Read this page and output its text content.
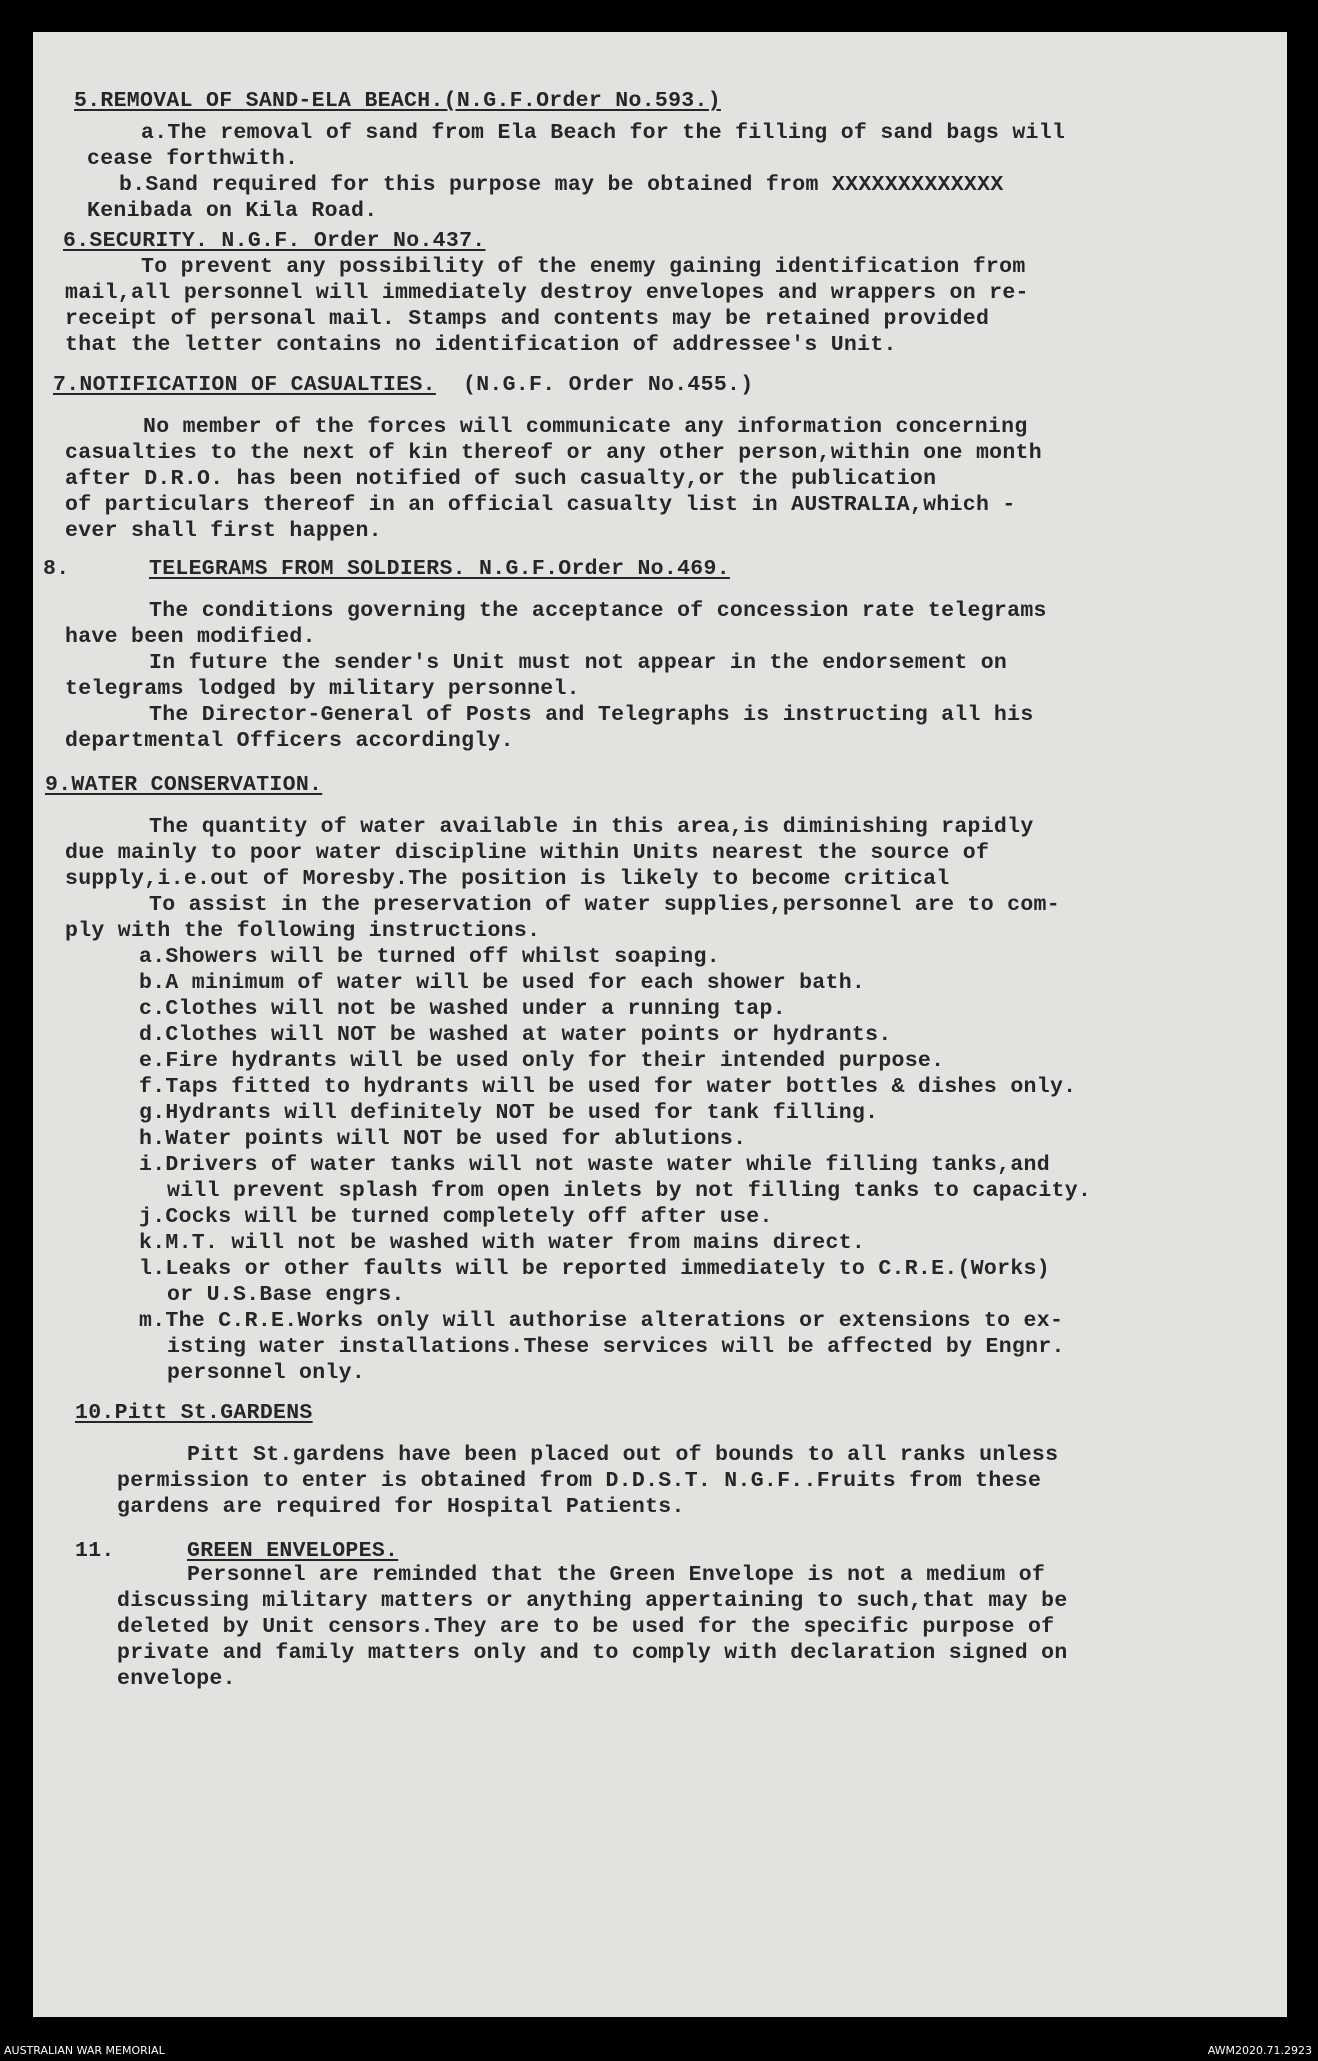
5.REMOVAL OF SAND-ELA BEACH.(N.G.F.Order No.593.)
a.The removal of sand from Ela Beach for the filling of sand bags will
cease forthwith.
b.Sand required for this purpose may be obtained from XXXXXXXXXXXXX
Kenibada on Kila Road.
6.SECURITY. N.G.F. Order No.437.
To prevent any possibility of the enemy gaining identification from
mail,all personnel will immediately destroy envelopes and wrappers on re-
receipt of personal mail. Stamps and contents may be retained provided
that the letter contains no identification of addressee's Unit.
7.NOTIFICATION OF CASUALTIES. (N.G.F. Order No.455.)
No member of the forces will communicate any information concerning
casualties to the next of kin thereof or any other person,within one month
after D.R.O. has been notified of such casualty,or the publication
of particulars thereof in an official casualty list in AUSTRALIA,which -
ever shall first happen.
8.	TELEGRAMS FROM SOLDIERS. N.G.F.Order No.469.
The conditions governing the acceptance of concession rate telegrams
have been modified.
In future the sender's Unit must not appear in the endorsement on
telegrams lodged by military personnel.
The Director-General of Posts and Telegraphs is instructing all his
departmental Officers accordingly.
9.WATER CONSERVATION.
The quantity of water available in this area,is diminishing rapidly
due mainly to poor water discipline within Units nearest the source of
supply,i.e.out of Moresby.The position is likely to become critical
To assist in the preservation of water supplies,personnel are to com-
ply with the following instructions.
a.Showers will be turned off whilst soaping.
b.A minimum of water will be used for each shower bath.
c.Clothes will not be washed under a running tap.
d.Clothes will NOT be washed at water points or hydrants.
e.Fire hydrants will be used only for their intended purpose.
f.Taps fitted to hydrants will be used for water bottles & dishes only.
g.Hydrants will definitely NOT be used for tank filling.
h.Water points will NOT be used for ablutions.
i.Drivers of water tanks will not waste water while filling tanks,and
will prevent splash from open inlets by not filling tanks to capacity.
j.Cocks will be turned completely off after use.
k.M.T. will not be washed with water from mains direct.
l.Leaks or other faults will be reported immediately to C.R.E.(Works)
or U.S.Base engrs.
m.The C.R.E.Works only will authorise alterations or extensions to ex-
isting water installations.These services will be affected by Engnr.
personnel only.
10.Pitt St.GARDENS
Pitt St.gardens have been placed out of bounds to all ranks unless
permission to enter is obtained from D.D.S.T. N.G.F..Fruits from these
gardens are required for Hospital Patients.
11.	GREEN ENVELOPES.
Personnel are reminded that the Green Envelope is not a medium of
discussing military matters or anything appertaining to such,that may be
deleted by Unit censors.They are to be used for the specific purpose of
private and family matters only and to comply with declaration signed on
envelope.
AUSTRALIAN WAR MEMORIAL	AWM2020.71.2923
